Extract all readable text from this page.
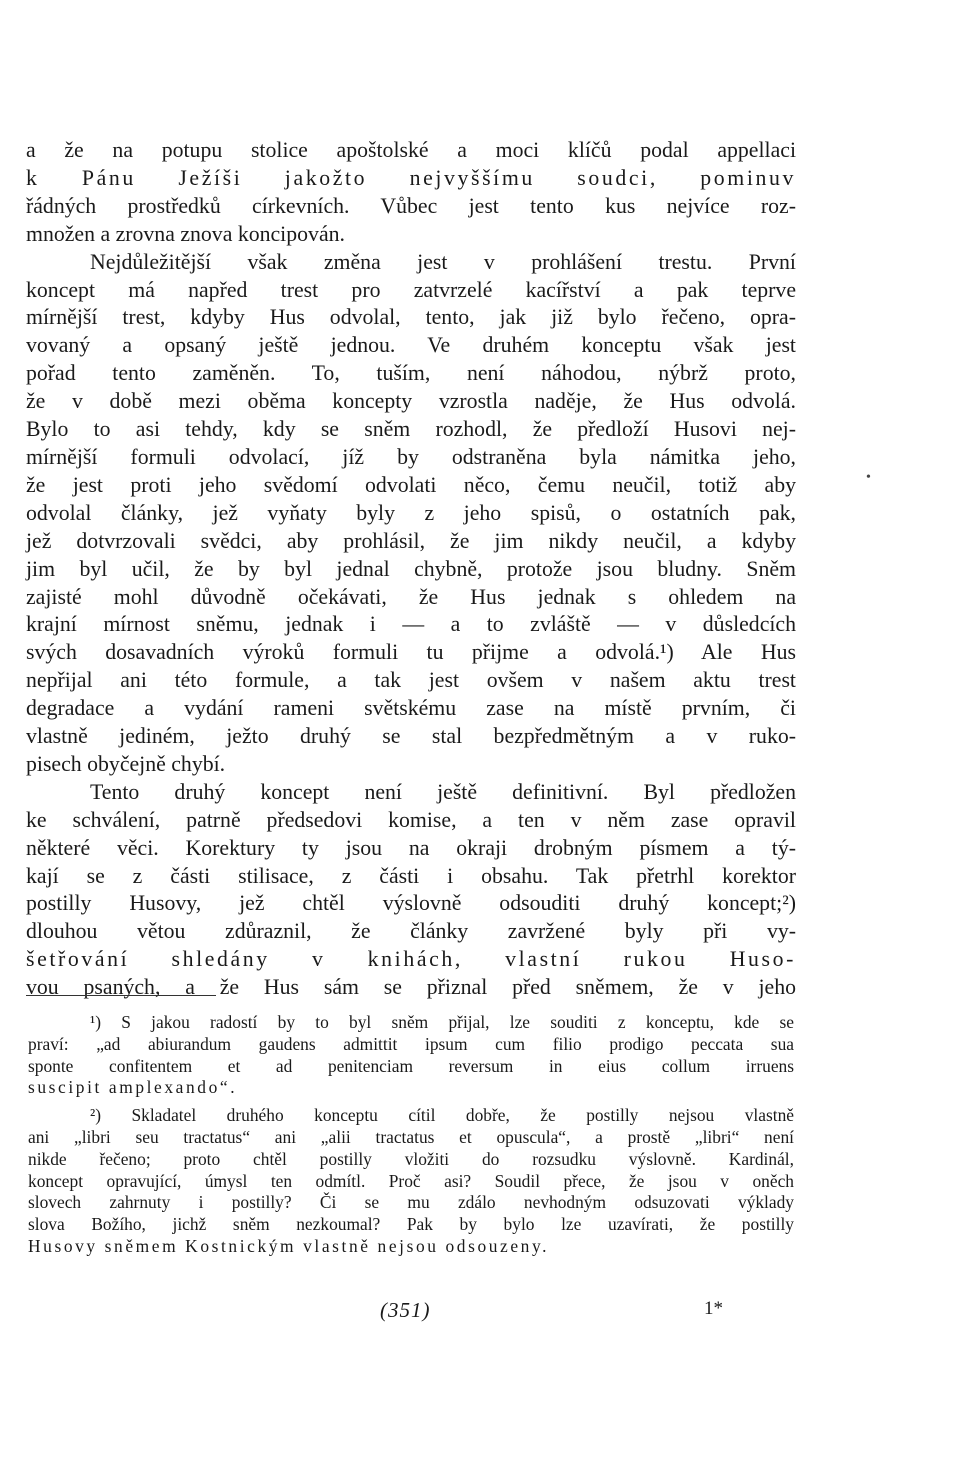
a že na potupu stolice apoštolské a moci klíčů podal appellaci
k Pánu Ježíši jakožto nejvyššímu soudci, pominuv
řádných prostředků církevních. Vůbec jest tento kus nejvíce roz-
množen a zrovna znova koncipován.
Nejdůležitější však změna jest v prohlášení trestu. První
koncept má napřed trest pro zatvrzelé kacířství a pak teprve
mírnější trest, kdyby Hus odvolal, tento, jak již bylo řečeno, opra-
vovaný a opsaný ještě jednou. Ve druhém konceptu však jest
pořad tento zaměněn. To, tuším, není náhodou, nýbrž proto,
že v době mezi oběma koncepty vzrostla naděje, že Hus odvolá.
Bylo to asi tehdy, kdy se sněm rozhodl, že předloží Husovi nej-
mírnější formuli odvolací, jíž by odstraněna byla námitka jeho,
že jest proti jeho svědomí odvolati něco, čemu neučil, totiž aby
odvolal články, jež vyňaty byly z jeho spisů, o ostatních pak,
jež dotvrzovali svědci, aby prohlásil, že jim nikdy neučil, a kdyby
jim byl učil, že by byl jednal chybně, protože jsou bludny. Sněm
zajisté mohl důvodně očekávati, že Hus jednak s ohledem na
krajní mírnost sněmu, jednak i — a to zvláště — v důsledcích
svých dosavadních výroků formuli tu přijme a odvolá.¹) Ale Hus
nepřijal ani této formule, a tak jest ovšem v našem aktu trest
degradace a vydání rameni světskému zase na místě prvním, či
vlastně jediném, ježto druhý se stal bezpředmětným a v ruko-
pisech obyčejně chybí.
Tento druhý koncept není ještě definitivní. Byl předložen
ke schválení, patrně předsedovi komise, a ten v něm zase opravil
některé věci. Korektury ty jsou na okraji drobným písmem a tý-
kají se z části stilisace, z části i obsahu. Tak přetrhl korektor
postilly Husovy, jež chtěl výslovně odsouditi druhý koncept;²)
dlouhou větou zdůraznil, že články zavržené byly při vy-
šetřování shledány v knihách, vlastní rukou Huso-
vou psaných, a že Hus sám se přiznal před sněmem, že v jeho
¹) S jakou radostí by to byl sněm přijal, lze souditi z konceptu, kde se
praví: „ad abiurandum gaudens admittit ipsum cum filio prodigo peccata sua
sponte confitentem et ad penitenciam reversum in eius collum irruens
suscipit amplexando“.
²) Skladatel druhého konceptu cítil dobře, že postilly nejsou vlastně
ani „libri seu tractatus“ ani „alii tractatus et opuscula“, a prostě „libri“ není
nikde řečeno; proto chtěl postilly vložiti do rozsudku výslovně. Kardinál,
koncept opravující, úmysl ten odmítl. Proč asi? Soudil přece, že jsou v oněch
slovech zahrnuty i postilly? Či se mu zdálo nevhodným odsuzovati výklady
slova Božího, jichž sněm nezkoumal? Pak by bylo lze uzavírati, že postilly
Husovy sněmem Kostnickým vlastně nejsou odsouzeny.
(351)	1*
•
